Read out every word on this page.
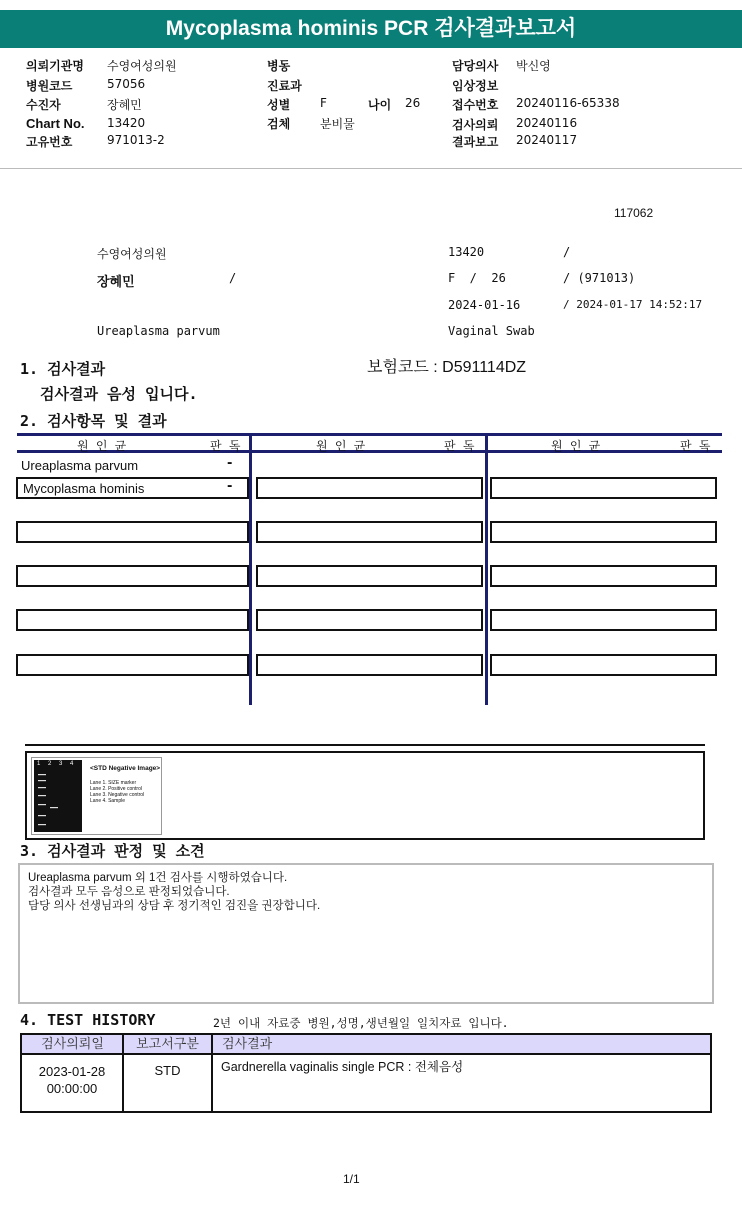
Mycoplasma hominis PCR 검사결과보고서
의뢰기관명 수영여성의원
병원코드	57056
수진자	장혜민
Chart No. 13420
고유번호	971013-2
병동
진료과
성별 F	나이 26
검체 분비물
담당의사 박신영
임상정보
접수번호 20240116-65338
검사의뢰 20240116
결과보고 20240117
117062
수영여성의원	13420	/
장혜민	/	F  /  26	/ (971013)
2024-01-16	/ 2024-01-17 14:52:17
Ureaplasma parvum	Vaginal Swab
1. 검사결과	보험코드 : D591114DZ
검사결과 음성 입니다.
2. 검사항목 및 결과
원 인 균	판 독	원 인 균	판 독	원 인 균	판 독
Ureaplasma parvum	-
Mycoplasma hominis	-
1 2 3 4
<STD Negative Image>
Lane 1. SIZE marker
Lane 2. Positive control
Lane 3. Negative control
Lane 4. Sample
3. 검사결과 판정 및 소견
Ureaplasma parvum 외 1건 검사를 시행하였습니다.
검사결과 모두 음성으로 판정되었습니다.
담당 의사 선생님과의 상담 후 정기적인 검진을 권장합니다.
4. TEST HISTORY	2년 이내 자료중 병원,성명,생년월일 일치자료 입니다.
검사의뢰일	보고서구분	검사결과
2023-01-28
00:00:00
STD	Gardnerella vaginalis single PCR : 전체음성
1/1
